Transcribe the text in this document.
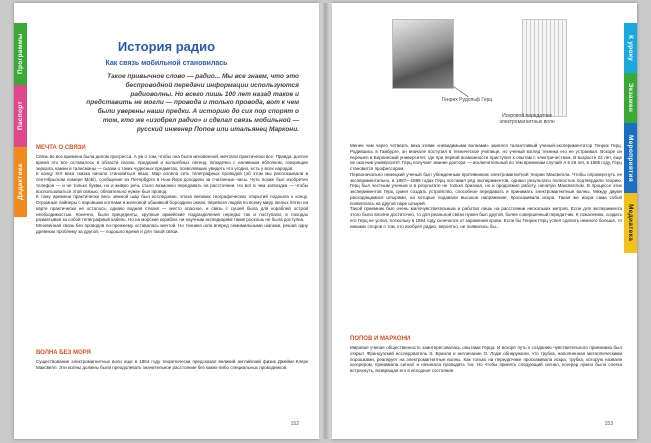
Программы
Паспорт
Дидактика
История радио
Как связь мобильной становилась
Такое привычное слово — радио... Мы все знаем, что это беспроводной передачи информации используются радиоволны. Но всего лишь 100 лет назад такое и представить не могли — провода и только провода, вот к чем были уверены наши предки. А историю до сих пор спорят о том, кто же «изобрел радио» и сделал связь мобильной — русский инженер Попов или итальянец Маркони.
МЕЧТА О СВЯЗИ
Связь во все времена была делом прогресса. А уж о том, чтобы она была мгновенной, мечтали практически все. Правда, долгое время это все оставалось в области сказок, преданий и волшебных легенд. Блюдечко с наливным яблочком, говорящие зеркала, камни и талисманы — сказки о таких чудесных предметах, позволявших увидеть что угодно, есть у всех народов.
К концу XIX века сказка начала становиться явью. Мир оплела сеть телеграфных проводов (об этом мы рассказывали в сентябрьском номере Mobi), сообщения из Петербурга в Нью-Йорк доходили за считанные часы. Чуть позже был изобретен телефон — и не только буквы, но и живую речь стало возможно передавать на расстоянии. Но вот в чем загвоздка — чтобы воспользоваться этой связью, обязательно нужен был провод.
К тому времени практически весь земной шар был исследован, эпоха великих географических открытий подошла к концу. Огромные лайнеры с паровыми котлами и железной обшивкой бороздили океан, перевозя людей по всему миру. Белых пятен на карте практически не осталось, однако водная стихия — место опасное, и связь с сушей была для кораблей острой необходимостью. Конечно, были прецеденты, крупные армейские подразделения нередко так и поступали, в походах разматывая за собой телеграфный кабель. Но на морские корабли, ни научным экспедициям такие роскошь не была доступна.
Мгновенная связь без проводов по-прежнему оставалась мечтой. Но техника шла вперед семимильными шагами, решая одну древнюю проблему за другой, — подошло время и для такой связи.
ВОЛНА БЕЗ МОРЯ
Существование электромагнитных волн еще в 1864 году теоретически предсказал великий английский физик Джеймс-Клерк Максвелл. Эти волны должны были преодолевать значительное расстояние без каких-либо специальных проводников.
152
К уроку
Экзамен
Мероприятия
Медиатека
Генрих Рудольф Герц
Искровой передатчик электромагнитных волн
Менее чем через четверть века этими «невидимыми волнами» занялся талантливый ученый-экспериментатор Генрих Герц. Родившись в Гамбурге, он вначале поступил в техническое училище, но ученый взгляд техника его не устраивал. Вскоре он перешел в Берлинский университет, где при первой возможности приступил к опытам с электричеством. В возрасте 22 лет, еще не окончив университет, Герц получает звание доктора — исключительный по тем временам случай! А в 28 лет, в 1885 году, Герц становится профессором.
Первоначально немецкий ученый был убежденным противником электромагнитной теории Максвелла. Чтобы опровергнуть ее экспериментально, в 1887—1888 годах Герц поставил ряд экспериментов, однако результаты полностью подтвердили теорию. Герц был честным ученым и в результате не только признал, но и продолжил работу, начатую Максвеллом. В процессе этих экспериментов Герц сумел создать устройство, способное передавать и принимать электромагнитные волны. Между двумя расходящимися штырями, на которые подавали высокое напряжение, проскакивала искра. Такая же искра сама собой появлялась на другой паре штырей.
Такой приемник был очень малочувствительным и работал лишь на расстоянии нескольких метров. Если для эксперимента этого было вполне достаточно, то для реальной связи нужен был другой, более совершенный передатчик. К сожалению, создать его Герц не успел, поскольку в 1894 году скончался от заражения крови. Если бы Генрих Герц успел сделать немного больше, то никаких споров о том, кто изобрел радио, вероятно, не появилось бы...
ПОПОВ И МАРКОНИ
Мировая ученая общественность заинтересовалась опытами Герца. И вскоре путь к созданию чувствительного приемника был открыт. Французский исследователь Э. Бранли и англичанин О. Лодж обнаружили, что трубка, наполненная металлическими порошками, реагирует на электромагнитные волны. Как только на передатчике проскакивала искра, трубка, которую назвали когерером, принимала сигнал и начинала проводить ток. Но чтобы принять следующий сигнал, когерер нужно было слегка встряхнуть, возвращая его в исходное состояние.
153
